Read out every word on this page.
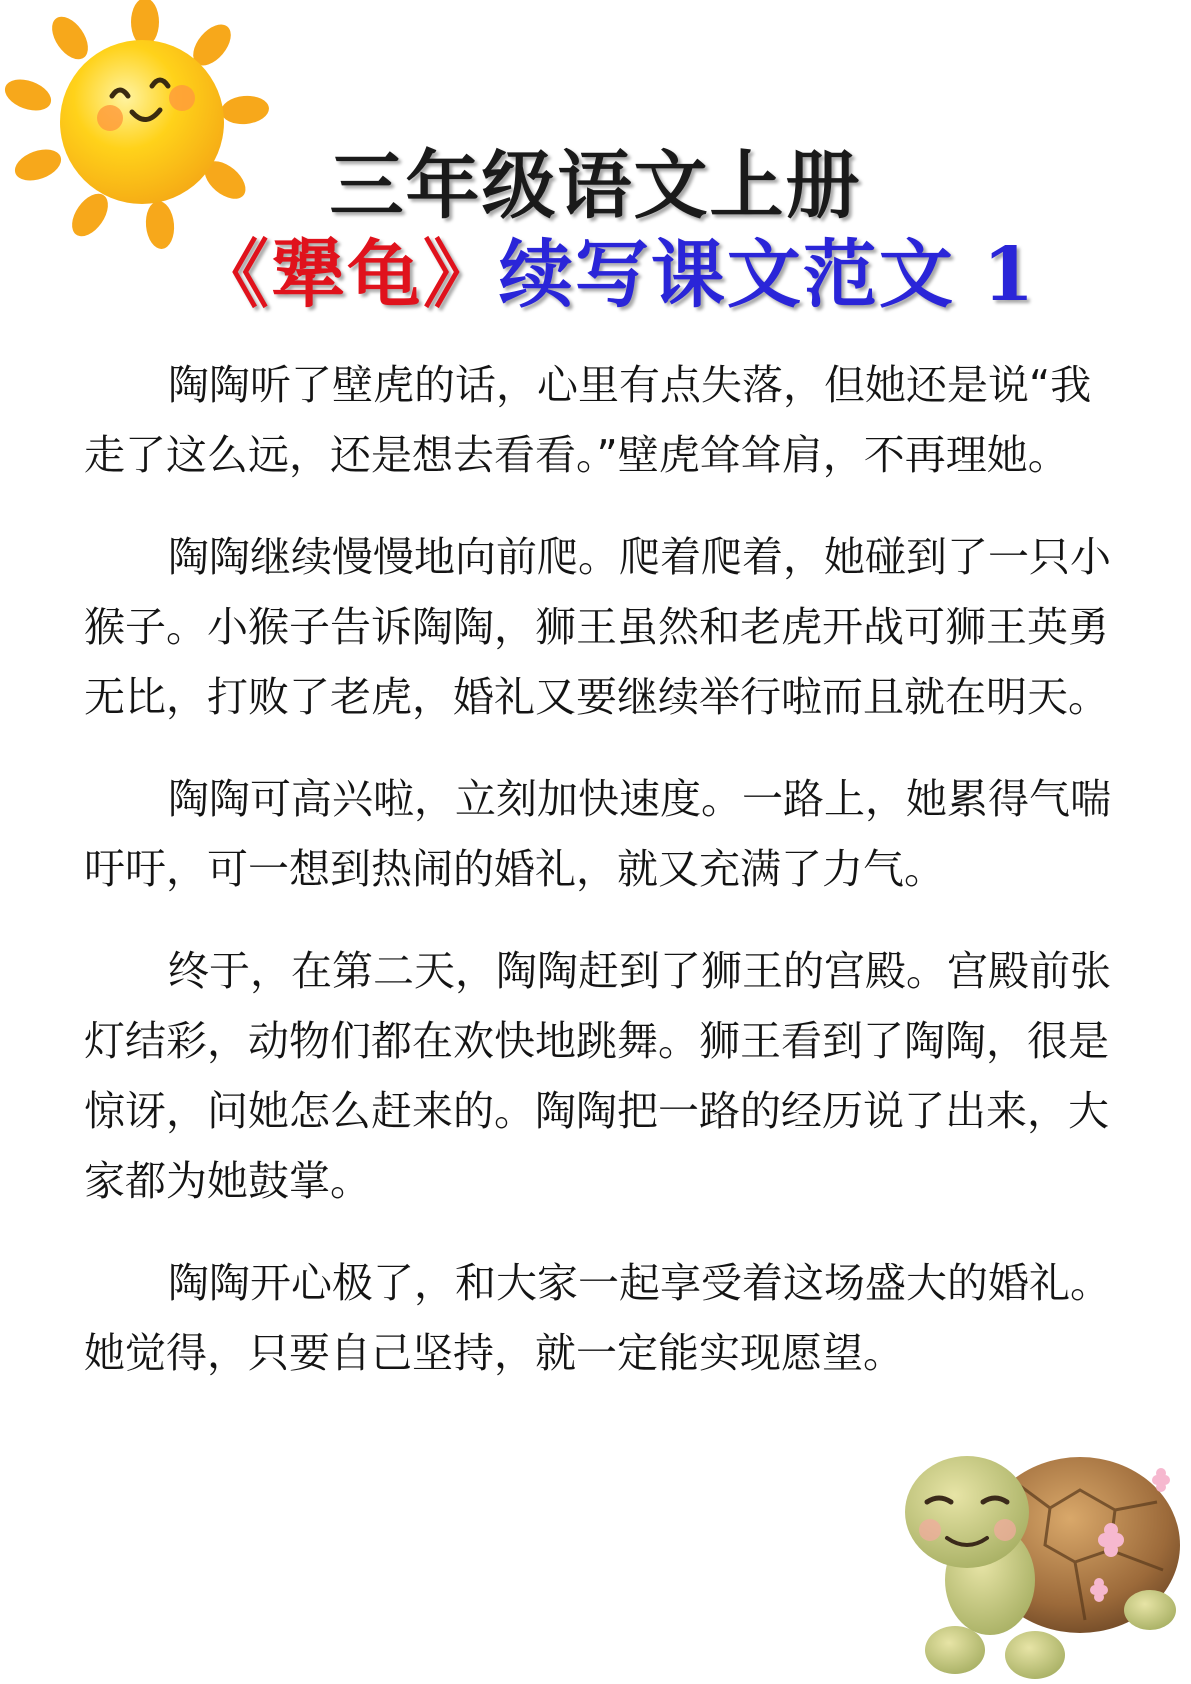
三年级语文上册
《犟龟》续写课文范文 1

陶陶听了壁虎的话，心里有点失落，但她还是说“我走了这么远，还是想去看看。”壁虎耸耸肩，不再理她。

陶陶继续慢慢地向前爬。爬着爬着，她碰到了一只小猴子。小猴子告诉陶陶，狮王虽然和老虎开战可狮王英勇无比，打败了老虎，婚礼又要继续举行啦而且就在明天。

陶陶可高兴啦，立刻加快速度。一路上，她累得气喘吁吁，可一想到热闹的婚礼，就又充满了力气。

终于，在第二天，陶陶赶到了狮王的宫殿。宫殿前张灯结彩，动物们都在欢快地跳舞。狮王看到了陶陶，很是惊讶，问她怎么赶来的。陶陶把一路的经历说了出来，大家都为她鼓掌。

陶陶开心极了，和大家一起享受着这场盛大的婚礼。她觉得，只要自己坚持，就一定能实现愿望。
